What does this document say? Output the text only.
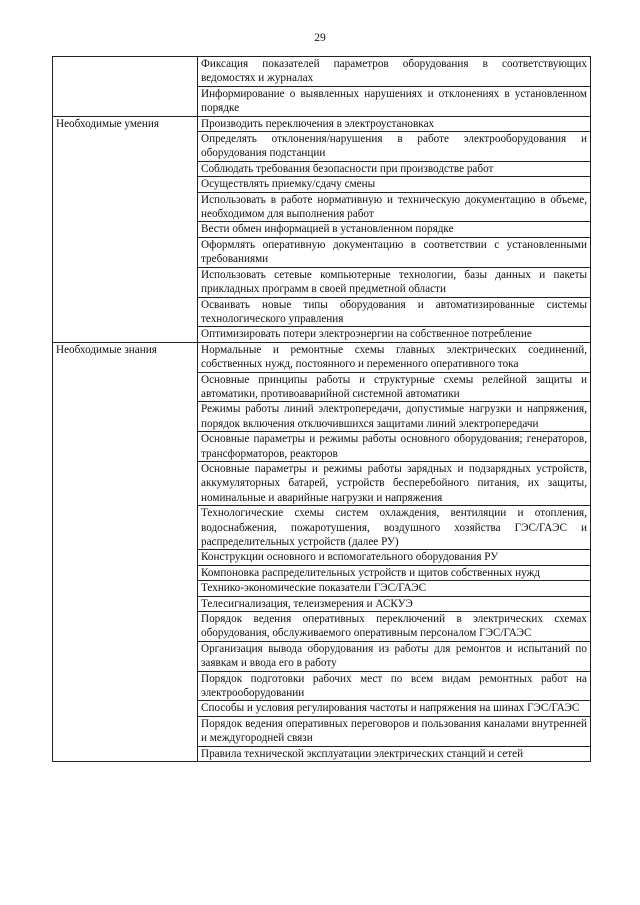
29
	Фиксация показателей параметров оборудования в соответствующих ведомостях и журналах
	Информирование о выявленных нарушениях и отклонениях в установленном порядке

Необходимые умения	Производить переключения в электроустановках
	Определять отклонения/нарушения в работе электрооборудования и оборудования подстанции
	Соблюдать требования безопасности при производстве работ
	Осуществлять приемку/сдачу смены
	Использовать в работе нормативную и техническую документацию в объеме, необходимом для выполнения работ
	Вести обмен информацией в установленном порядке
	Оформлять оперативную документацию в соответствии с установленными требованиями
	Использовать сетевые компьютерные технологии, базы данных и пакеты прикладных программ в своей предметной области
	Осваивать новые типы оборудования и автоматизированные системы технологического управления
	Оптимизировать потери электроэнергии на собственное потребление

Необходимые знания	Нормальные и ремонтные схемы главных электрических соединений, собственных нужд, постоянного и переменного оперативного тока
	Основные принципы работы и структурные схемы релейной защиты и автоматики, противоаварийной системной автоматики
	Режимы работы линий электропередачи, допустимые нагрузки и напряжения, порядок включения отключившихся защитами линий электропередачи
	Основные параметры и режимы работы основного оборудования; генераторов, трансформаторов, реакторов
	Основные параметры и режимы работы зарядных и подзарядных устройств, аккумуляторных батарей, устройств бесперебойного питания, их защиты, номинальные и аварийные нагрузки и напряжения
	Технологические схемы систем охлаждения, вентиляции и отопления, водоснабжения, пожаротушения, воздушного хозяйства ГЭС/ГАЭС и распределительных устройств (далее РУ)
	Конструкции основного и вспомогательного оборудования РУ
	Компоновка распределительных устройств и щитов собственных нужд
	Технико-экономические показатели ГЭС/ГАЭС
	Телесигнализация, телеизмерения и АСКУЭ
	Порядок ведения оперативных переключений в электрических схемах оборудования, обслуживаемого оперативным персоналом ГЭС/ГАЭС
	Организация вывода оборудования из работы для ремонтов и испытаний по заявкам и ввода его в работу
	Порядок подготовки рабочих мест по всем видам ремонтных работ на электрооборудовании
	Способы и условия регулирования частоты и напряжения на шинах ГЭС/ГАЭС
	Порядок ведения оперативных переговоров и пользования каналами внутренней и междугородней связи
	Правила технической эксплуатации электрических станций и сетей
